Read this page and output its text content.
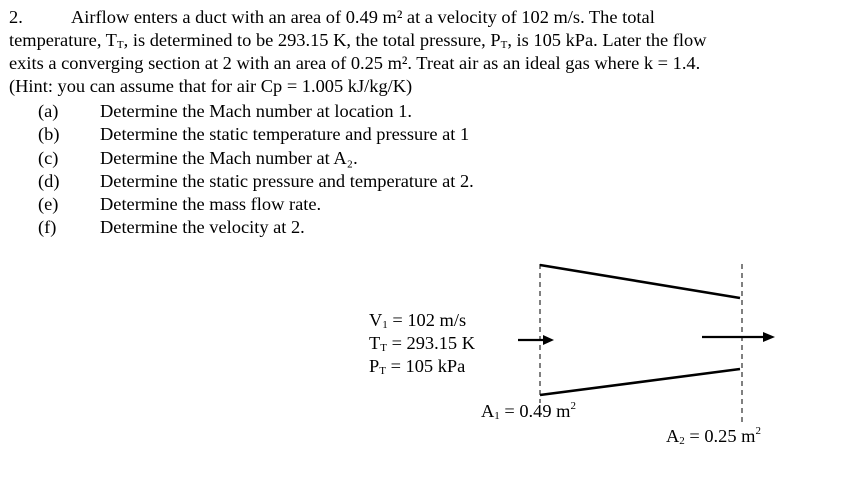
2.	Airflow enters a duct with an area of 0.49 m² at a velocity of 102 m/s. The total
temperature, $T_T$, is determined to be 293.15 K, the total pressure, $P_T$, is 105 kPa. Later the flow
exits a converging section at 2 with an area of 0.25 m². Treat air as an ideal gas where k = 1.4.
(Hint: you can assume that for air Cp = 1.005 kJ/kg/K)
(a)	Determine the Mach number at location 1.
(b)	Determine the static temperature and pressure at 1
(c)	Determine the Mach number at A₂.
(d)	Determine the static pressure and temperature at 2.
(e)	Determine the mass flow rate.
(f)	Determine the velocity at 2.
$V_1 = 102$ m/s
$T_T = 293.15$ K
$P_T = 105$ kPa
$A_1 = 0.49$ $m^2$
$A_2 = 0.25$ $m^2$
